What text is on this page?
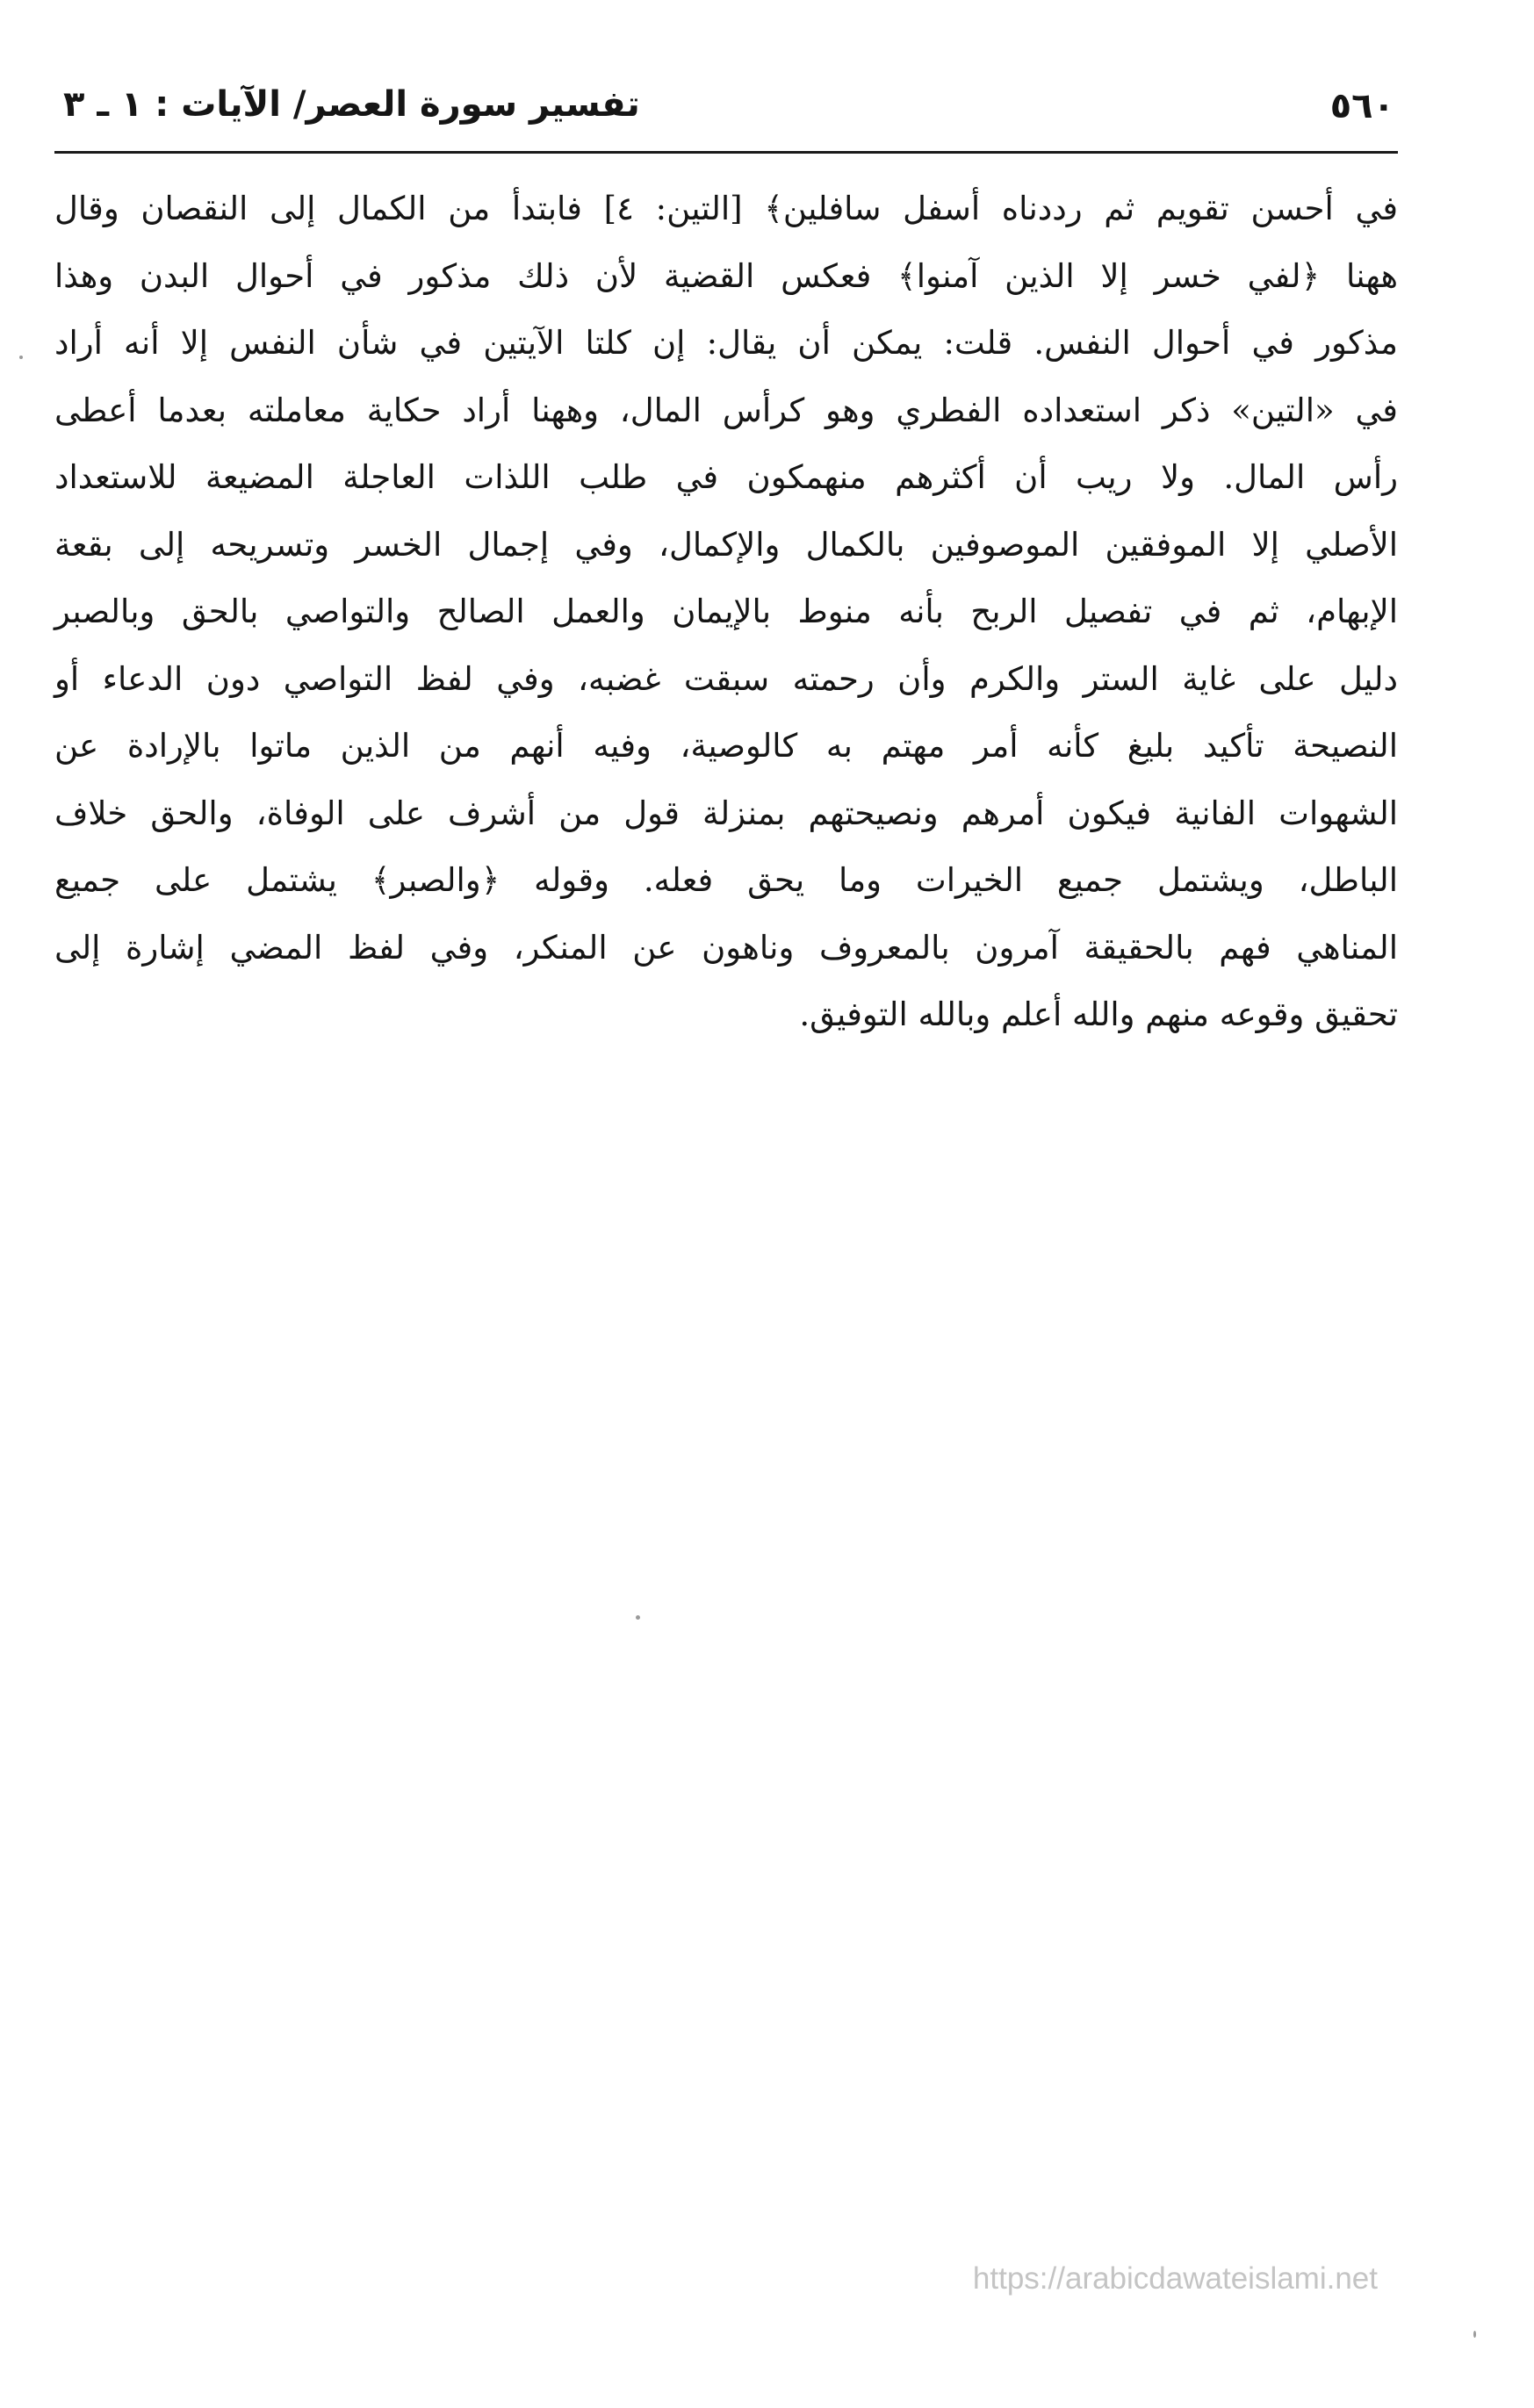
٥٦٠
تفسير سورة العصر/ الآيات : ١ ـ ٣
في أحسن تقويم ثم رددناه أسفل سافلين﴾ [التين: ٤] فابتدأ من الكمال إلى النقصان وقال
ههنا ﴿لفي خسر إلا الذين آمنوا﴾ فعكس القضية لأن ذلك مذكور في أحوال البدن وهذا
مذكور في أحوال النفس. قلت: يمكن أن يقال: إن كلتا الآيتين في شأن النفس إلا أنه أراد
في «التين» ذكر استعداده الفطري وهو كرأس المال، وههنا أراد حكاية معاملته بعدما أعطى
رأس المال. ولا ريب أن أكثرهم منهمكون في طلب اللذات العاجلة المضيعة للاستعداد
الأصلي إلا الموفقين الموصوفين بالكمال والإكمال، وفي إجمال الخسر وتسريحه إلى بقعة
الإبهام، ثم في تفصيل الربح بأنه منوط بالإيمان والعمل الصالح والتواصي بالحق وبالصبر
دليل على غاية الستر والكرم وأن رحمته سبقت غضبه، وفي لفظ التواصي دون الدعاء أو
النصيحة تأكيد بليغ كأنه أمر مهتم به كالوصية، وفيه أنهم من الذين ماتوا بالإرادة عن
الشهوات الفانية فيكون أمرهم ونصيحتهم بمنزلة قول من أشرف على الوفاة، والحق خلاف
الباطل، ويشتمل جميع الخيرات وما يحق فعله. وقوله ﴿والصبر﴾ يشتمل على جميع
المناهي فهم بالحقيقة آمرون بالمعروف وناهون عن المنكر، وفي لفظ المضي إشارة إلى
تحقيق وقوعه منهم والله أعلم وبالله التوفيق.
https://arabicdawateislami.net
